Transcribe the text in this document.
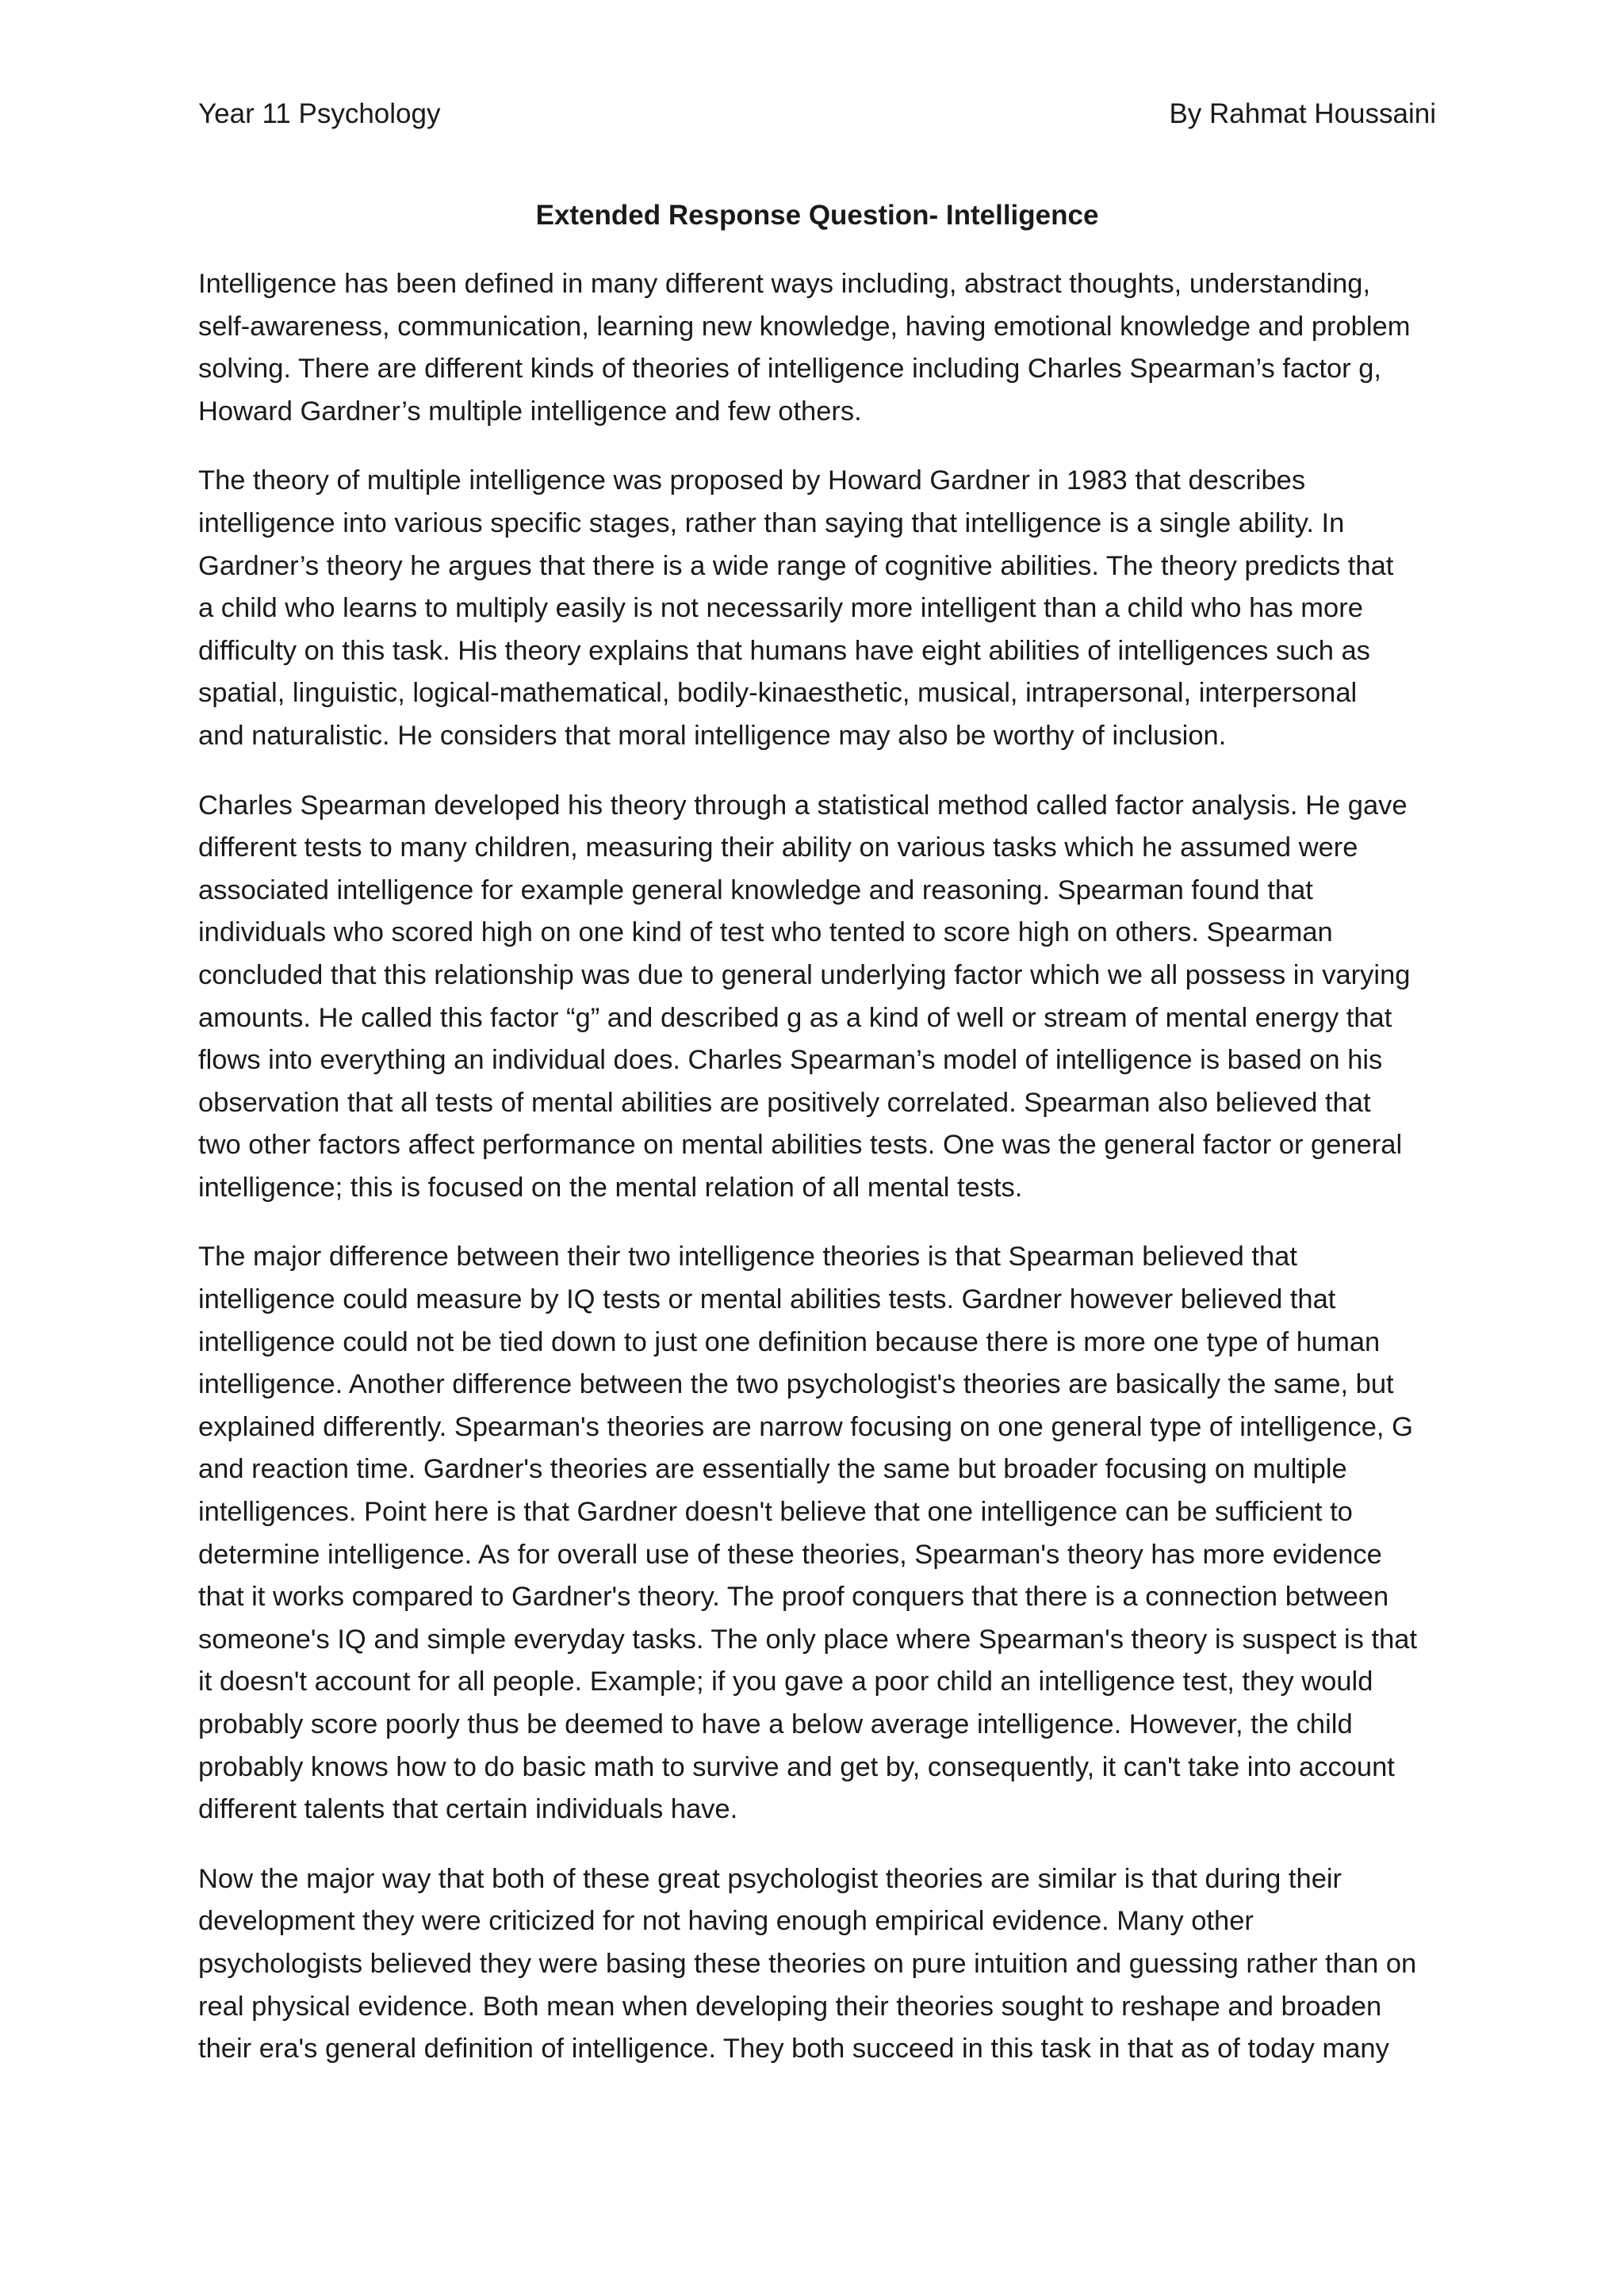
Year 11 Psychology	By Rahmat Houssaini
Extended Response Question- Intelligence

Intelligence has been defined in many different ways including, abstract thoughts, understanding,
self-awareness, communication, learning new knowledge, having emotional knowledge and problem
solving. There are different kinds of theories of intelligence including Charles Spearman’s factor g,
Howard Gardner’s multiple intelligence and few others.

The theory of multiple intelligence was proposed by Howard Gardner in 1983 that describes
intelligence into various specific stages, rather than saying that intelligence is a single ability. In
Gardner’s theory he argues that there is a wide range of cognitive abilities. The theory predicts that
a child who learns to multiply easily is not necessarily more intelligent than a child who has more
difficulty on this task. His theory explains that humans have eight abilities of intelligences such as
spatial, linguistic, logical-mathematical, bodily-kinaesthetic, musical, intrapersonal, interpersonal
and naturalistic. He considers that moral intelligence may also be worthy of inclusion.

Charles Spearman developed his theory through a statistical method called factor analysis. He gave
different tests to many children, measuring their ability on various tasks which he assumed were
associated intelligence for example general knowledge and reasoning. Spearman found that
individuals who scored high on one kind of test who tented to score high on others. Spearman
concluded that this relationship was due to general underlying factor which we all possess in varying
amounts. He called this factor “g” and described g as a kind of well or stream of mental energy that
flows into everything an individual does. Charles Spearman’s model of intelligence is based on his
observation that all tests of mental abilities are positively correlated. Spearman also believed that
two other factors affect performance on mental abilities tests. One was the general factor or general
intelligence; this is focused on the mental relation of all mental tests.

The major difference between their two intelligence theories is that Spearman believed that
intelligence could measure by IQ tests or mental abilities tests. Gardner however believed that
intelligence could not be tied down to just one definition because there is more one type of human
intelligence. Another difference between the two psychologist's theories are basically the same, but
explained differently. Spearman's theories are narrow focusing on one general type of intelligence, G
and reaction time. Gardner's theories are essentially the same but broader focusing on multiple
intelligences. Point here is that Gardner doesn't believe that one intelligence can be sufficient to
determine intelligence. As for overall use of these theories, Spearman's theory has more evidence
that it works compared to Gardner's theory. The proof conquers that there is a connection between
someone's IQ and simple everyday tasks. The only place where Spearman's theory is suspect is that
it doesn't account for all people. Example; if you gave a poor child an intelligence test, they would
probably score poorly thus be deemed to have a below average intelligence. However, the child
probably knows how to do basic math to survive and get by, consequently, it can't take into account
different talents that certain individuals have.

Now the major way that both of these great psychologist theories are similar is that during their
development they were criticized for not having enough empirical evidence. Many other
psychologists believed they were basing these theories on pure intuition and guessing rather than on
real physical evidence. Both mean when developing their theories sought to reshape and broaden
their era's general definition of intelligence. They both succeed in this task in that as of today many
